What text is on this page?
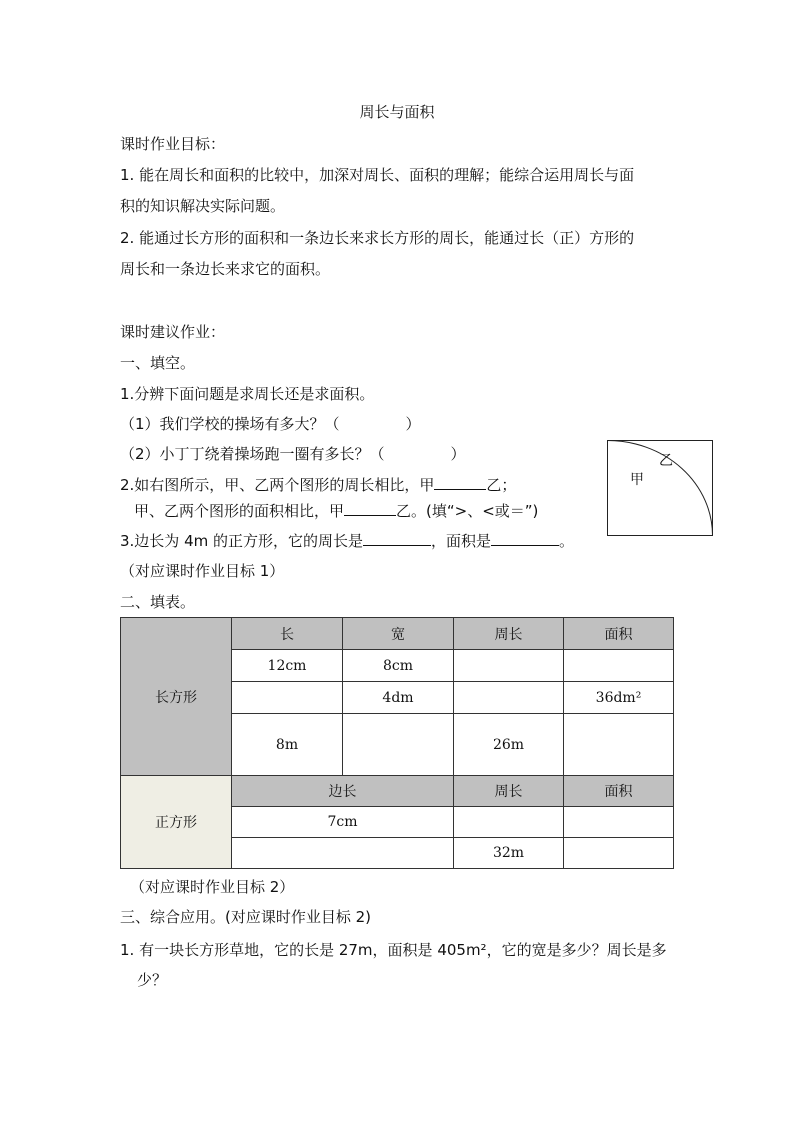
周长与面积
课时作业目标：
1. 能在周长和面积的比较中，加深对周长、面积的理解；能综合运用周长与面
积的知识解决实际问题。
2. 能通过长方形的面积和一条边长来求长方形的周长，能通过长（正）方形的
周长和一条边长来求它的面积。
课时建议作业：
一、填空。
1.分辨下面问题是求周长还是求面积。
（1）我们学校的操场有多大？（	）
（2）小丁丁绕着操场跑一圈有多长？（	）
2.如右图所示，甲、乙两个图形的周长相比，甲	乙；
甲、乙两个图形的面积相比，甲	乙。(填“>、<或＝”)
3.边长为 4m 的正方形，它的周长是	，面积是	。
（对应课时作业目标 1）
甲
乙
二、填表。
长方形	长	宽	周长	面积
	12cm	8cm		
		4dm		36dm²
	8m		26m	
正方形	边长		周长	面积
	7cm			
			32m	
（对应课时作业目标 2）
三、综合应用。(对应课时作业目标 2)
1. 有一块长方形草地，它的长是 27m，面积是 405m²，它的宽是多少？周长是多
少？
